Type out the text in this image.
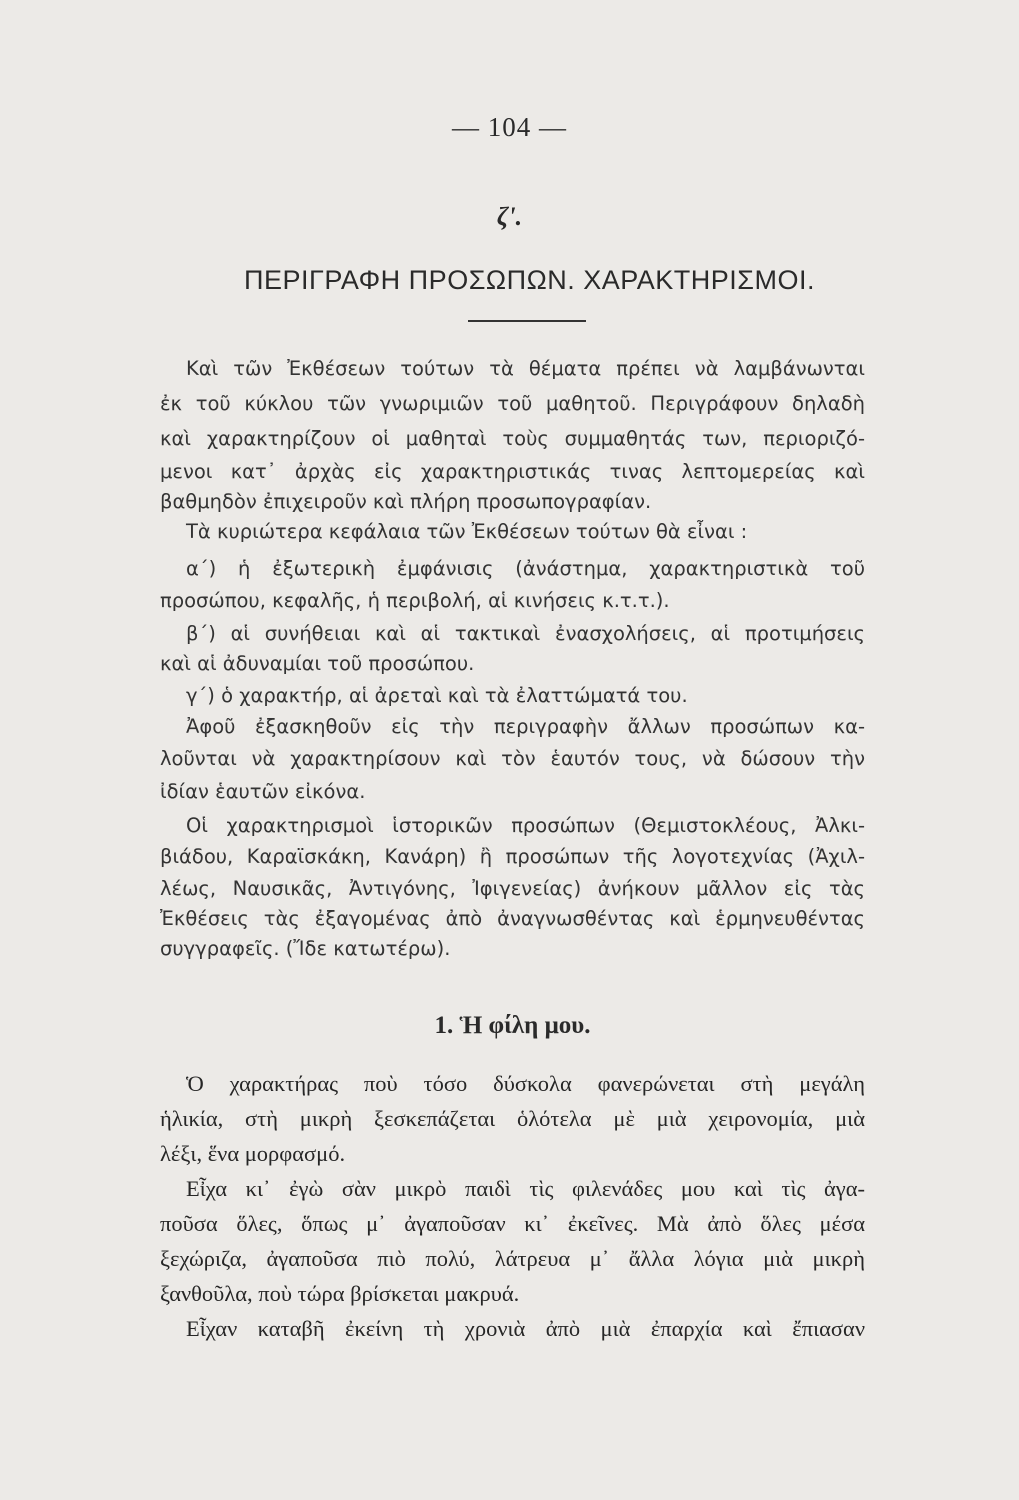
— 104 —
ζ'.
ΠΕΡΙΓΡΑΦΗ ΠΡΟΣΩΠΩΝ. ΧΑΡΑΚΤΗΡΙΣΜΟΙ.
Καὶ τῶν Ἐκθέσεων τούτων τὰ θέματα πρέπει νὰ λαμβάνωνται
ἐκ τοῦ κύκλου τῶν γνωριμιῶν τοῦ μαθητοῦ. Περιγράφουν δηλαδὴ
καὶ χαρακτηρίζουν οἱ μαθηταὶ τοὺς συμμαθητάς των, περιοριζό-
μενοι κατ᾽ ἀρχὰς εἰς χαρακτηριστικάς τινας λεπτομερείας καὶ
βαθμηδὸν ἐπιχειροῦν καὶ πλήρη προσωπογραφίαν.
Τὰ κυριώτερα κεφάλαια τῶν Ἐκθέσεων τούτων θὰ εἶναι :
α΄) ἡ ἐξωτερικὴ ἐμφάνισις (ἀνάστημα, χαρακτηριστικὰ τοῦ
προσώπου, κεφαλῆς, ἡ περιβολή, αἱ κινήσεις κ.τ.τ.).
β΄) αἱ συνήθειαι καὶ αἱ τακτικαὶ ἐνασχολήσεις, αἱ προτιμήσεις
καὶ αἱ ἀδυναμίαι τοῦ προσώπου.
γ΄) ὁ χαρακτήρ, αἱ ἀρεταὶ καὶ τὰ ἐλαττώματά του.
Ἀφοῦ ἐξασκηθοῦν εἰς τὴν περιγραφὴν ἄλλων προσώπων κα-
λοῦνται νὰ χαρακτηρίσουν καὶ τὸν ἑαυτόν τους, νὰ δώσουν τὴν
ἰδίαν ἑαυτῶν εἰκόνα.
Οἱ χαρακτηρισμοὶ ἱστορικῶν προσώπων (Θεμιστοκλέους, Ἀλκι-
βιάδου, Καραϊσκάκη, Κανάρη) ἢ προσώπων τῆς λογοτεχνίας (Ἀχιλ-
λέως, Ναυσικᾶς, Ἀντιγόνης, Ἰφιγενείας) ἀνήκουν μᾶλλον εἰς τὰς
Ἐκθέσεις τὰς ἐξαγομένας ἀπὸ ἀναγνωσθέντας καὶ ἑρμηνευθέντας
συγγραφεῖς. (Ἴδε κατωτέρω).
1. Ἡ φίλη μου.
Ὁ χαρακτήρας ποὺ τόσο δύσκολα φανερώνεται στὴ μεγάλη
ἡλικία, στὴ μικρὴ ξεσκεπάζεται ὁλότελα μὲ μιὰ χειρονομία, μιὰ
λέξι, ἕνα μορφασμό.
Εἶχα κι᾽ ἐγὼ σὰν μικρὸ παιδὶ τὶς φιλενάδες μου καὶ τὶς ἀγα-
ποῦσα ὅλες, ὅπως μ᾽ ἀγαποῦσαν κι᾽ ἐκεῖνες. Μὰ ἀπὸ ὅλες μέσα
ξεχώριζα, ἀγαποῦσα πιὸ πολύ, λάτρευα μ᾽ ἄλλα λόγια μιὰ μικρὴ
ξανθοῦλα, ποὺ τώρα βρίσκεται μακρυά.
Εἶχαν καταβῆ ἐκείνη τὴ χρονιὰ ἀπὸ μιὰ ἐπαρχία καὶ ἔπιασαν
